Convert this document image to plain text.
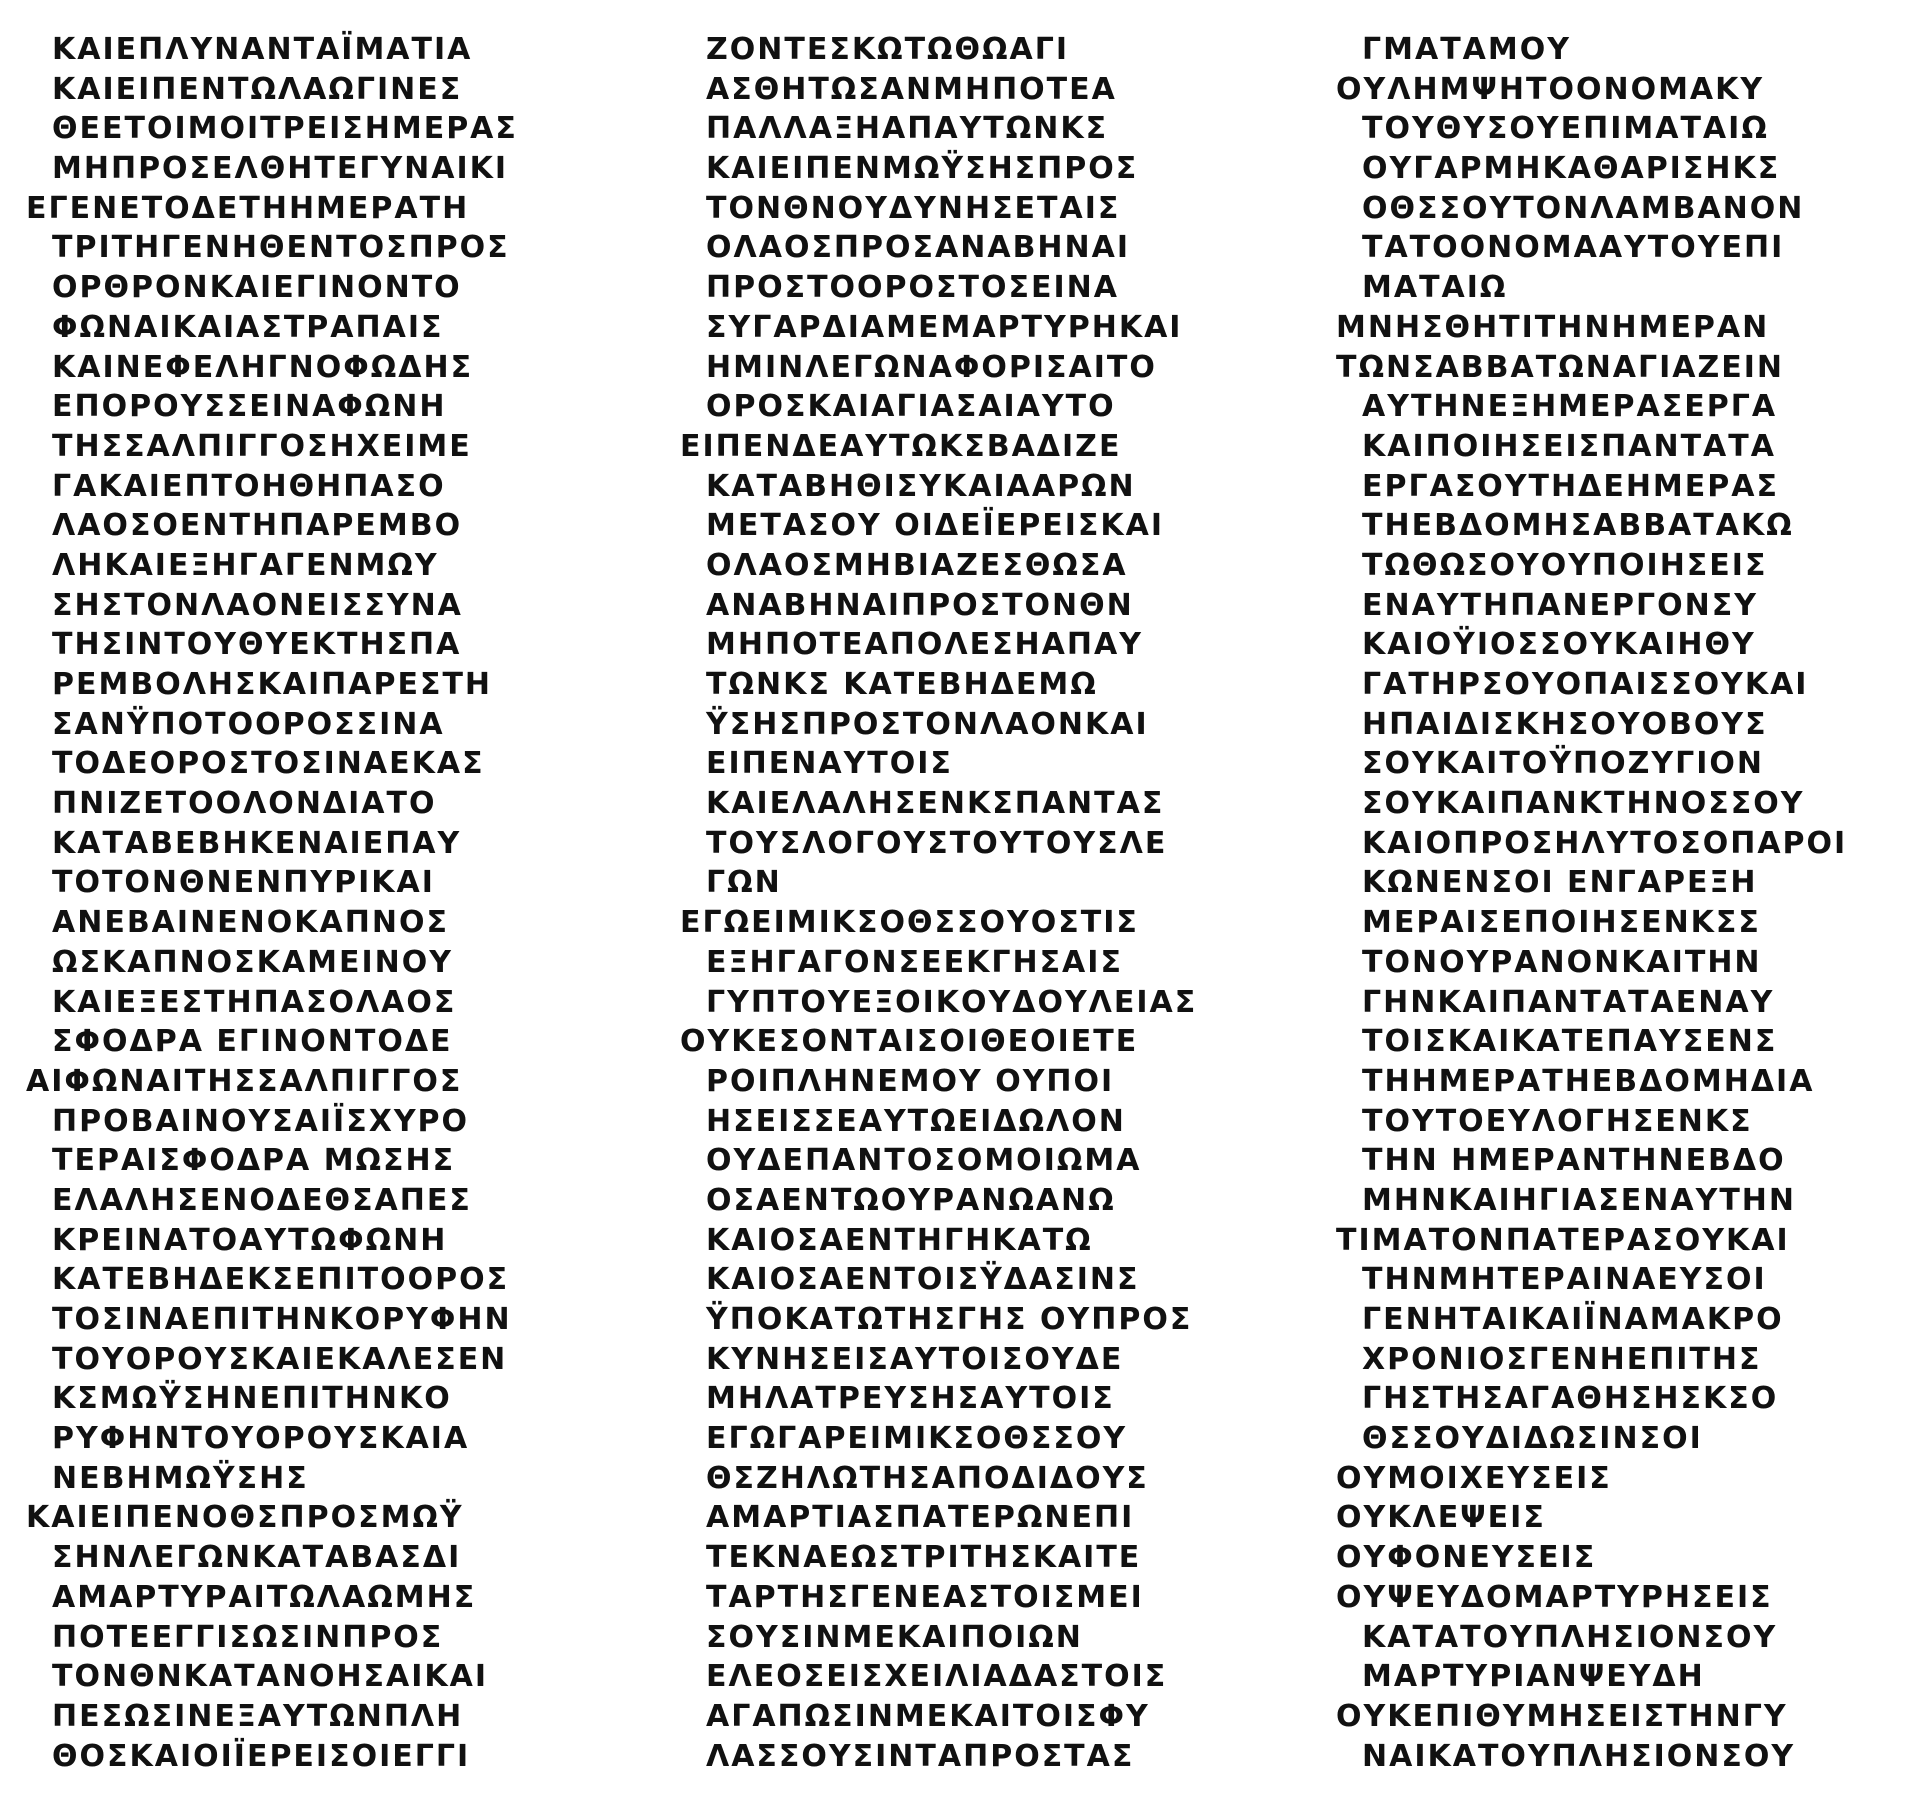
ΚΑΙΕΠΛΥΝΑΝΤΑΪΜΑΤΙΑ
ΚΑΙΕΙΠΕΝΤΩΛΑΩΓΙΝΕΣ
ΘΕΕΤΟΙΜΟΙΤΡΕΙΣΗΜΕΡΑΣ
ΜΗΠΡΟΣΕΛΘΗΤΕΓΥΝΑΙΚΙ
ΕΓΕΝΕΤΟΔΕΤΗΗΜΕΡΑΤΗ
ΤΡΙΤΗΓΕΝΗΘΕΝΤΟΣΠΡΟΣ
ΟΡΘΡΟΝΚΑΙΕΓΙΝΟΝΤΟ
ΦΩΝΑΙΚΑΙΑΣΤΡΑΠΑΙΣ
ΚΑΙΝΕΦΕΛΗΓΝΟΦΩΔΗΣ
ΕΠΟΡΟΥΣΣΕΙΝΑΦΩΝΗ
ΤΗΣΣΑΛΠΙΓΓΟΣΗΧΕΙΜΕ
ΓΑΚΑΙΕΠΤΟΗΘΗΠΑΣΟ
ΛΑΟΣΟΕΝΤΗΠΑΡΕΜΒΟ
ΛΗΚΑΙΕΞΗΓΑΓΕΝΜΩΥ
ΣΗΣΤΟΝΛΑΟΝΕΙΣΣΥΝΑ
ΤΗΣΙΝΤΟΥΘΥΕΚΤΗΣΠΑ
ΡΕΜΒΟΛΗΣΚΑΙΠΑΡΕΣΤΗ
ΣΑΝΫΠΟΤΟΟΡΟΣΣΙΝΑ
ΤΟΔΕΟΡΟΣΤΟΣΙΝΑΕΚΑΣ
ΠΝΙΖΕΤΟΟΛΟΝΔΙΑΤΟ
ΚΑΤΑΒΕΒΗΚΕΝΑΙΕΠΑΥ
ΤΟΤΟΝΘΝΕΝΠΥΡΙΚΑΙ
ΑΝΕΒΑΙΝΕΝΟΚΑΠΝΟΣ
ΩΣΚΑΠΝΟΣΚΑΜΕΙΝΟΥ
ΚΑΙΕΞΕΣΤΗΠΑΣΟΛΑΟΣ
ΣΦΟΔΡΑ ΕΓΙΝΟΝΤΟΔΕ
ΑΙΦΩΝΑΙΤΗΣΣΑΛΠΙΓΓΟΣ
ΠΡΟΒΑΙΝΟΥΣΑΙΪΣΧΥΡΟ
ΤΕΡΑΙΣΦΟΔΡΑ ΜΩΣΗΣ
ΕΛΑΛΗΣΕΝΟΔΕΘΣΑΠΕΣ
ΚΡΕΙΝΑΤΟΑΥΤΩΦΩΝΗ
ΚΑΤΕΒΗΔΕΚΣΕΠΙΤΟΟΡΟΣ
ΤΟΣΙΝΑΕΠΙΤΗΝΚΟΡΥΦΗΝ
ΤΟΥΟΡΟΥΣΚΑΙΕΚΑΛΕΣΕΝ
ΚΣΜΩΫΣΗΝΕΠΙΤΗΝΚΟ
ΡΥΦΗΝΤΟΥΟΡΟΥΣΚΑΙΑ
ΝΕΒΗΜΩΫΣΗΣ
ΚΑΙΕΙΠΕΝΟΘΣΠΡΟΣΜΩΫ
ΣΗΝΛΕΓΩΝΚΑΤΑΒΑΣΔΙ
ΑΜΑΡΤΥΡΑΙΤΩΛΑΩΜΗΣ
ΠΟΤΕΕΓΓΙΣΩΣΙΝΠΡΟΣ
ΤΟΝΘΝΚΑΤΑΝΟΗΣΑΙΚΑΙ
ΠΕΣΩΣΙΝΕΞΑΥΤΩΝΠΛΗ
ΘΟΣΚΑΙΟΙΪΕΡΕΙΣΟΙΕΓΓΙ
ΖΟΝΤΕΣΚΩΤΩΘΩΑΓΙ
ΑΣΘΗΤΩΣΑΝΜΗΠΟΤΕΑ
ΠΑΛΛΑΞΗΑΠΑΥΤΩΝΚΣ
ΚΑΙΕΙΠΕΝΜΩΫΣΗΣΠΡΟΣ
ΤΟΝΘΝΟΥΔΥΝΗΣΕΤΑΙΣ
ΟΛΑΟΣΠΡΟΣΑΝΑΒΗΝΑΙ
ΠΡΟΣΤΟΟΡΟΣΤΟΣΕΙΝΑ
ΣΥΓΑΡΔΙΑΜΕΜΑΡΤΥΡΗΚΑΙ
ΗΜΙΝΛΕΓΩΝΑΦΟΡΙΣΑΙΤΟ
ΟΡΟΣΚΑΙΑΓΙΑΣΑΙΑΥΤΟ
ΕΙΠΕΝΔΕΑΥΤΩΚΣΒΑΔΙΖΕ
ΚΑΤΑΒΗΘΙΣΥΚΑΙΑΑΡΩΝ
ΜΕΤΑΣΟΥ ΟΙΔΕΪΕΡΕΙΣΚΑΙ
ΟΛΑΟΣΜΗΒΙΑΖΕΣΘΩΣΑ
ΑΝΑΒΗΝΑΙΠΡΟΣΤΟΝΘΝ
ΜΗΠΟΤΕΑΠΟΛΕΣΗΑΠΑΥ
ΤΩΝΚΣ ΚΑΤΕΒΗΔΕΜΩ
ΫΣΗΣΠΡΟΣΤΟΝΛΑΟΝΚΑΙ
ΕΙΠΕΝΑΥΤΟΙΣ
ΚΑΙΕΛΑΛΗΣΕΝΚΣΠΑΝΤΑΣ
ΤΟΥΣΛΟΓΟΥΣΤΟΥΤΟΥΣΛΕ
ΓΩΝ
ΕΓΩΕΙΜΙΚΣΟΘΣΣΟΥΟΣΤΙΣ
ΕΞΗΓΑΓΟΝΣΕΕΚΓΗΣΑΙΣ
ΓΥΠΤΟΥΕΞΟΙΚΟΥΔΟΥΛΕΙΑΣ
ΟΥΚΕΣΟΝΤΑΙΣΟΙΘΕΟΙΕΤΕ
ΡΟΙΠΛΗΝΕΜΟΥ ΟΥΠΟΙ
ΗΣΕΙΣΣΕΑΥΤΩΕΙΔΩΛΟΝ
ΟΥΔΕΠΑΝΤΟΣΟΜΟΙΩΜΑ
ΟΣΑΕΝΤΩΟΥΡΑΝΩΑΝΩ
ΚΑΙΟΣΑΕΝΤΗΓΗΚΑΤΩ
ΚΑΙΟΣΑΕΝΤΟΙΣΫΔΑΣΙΝΣ
ΫΠΟΚΑΤΩΤΗΣΓΗΣ ΟΥΠΡΟΣ
ΚΥΝΗΣΕΙΣΑΥΤΟΙΣΟΥΔΕ
ΜΗΛΑΤΡΕΥΣΗΣΑΥΤΟΙΣ
ΕΓΩΓΑΡΕΙΜΙΚΣΟΘΣΣΟΥ
ΘΣΖΗΛΩΤΗΣΑΠΟΔΙΔΟΥΣ
ΑΜΑΡΤΙΑΣΠΑΤΕΡΩΝΕΠΙ
ΤΕΚΝΑΕΩΣΤΡΙΤΗΣΚΑΙΤΕ
ΤΑΡΤΗΣΓΕΝΕΑΣΤΟΙΣΜΕΙ
ΣΟΥΣΙΝΜΕΚΑΙΠΟΙΩΝ
ΕΛΕΟΣΕΙΣΧΕΙΛΙΑΔΑΣΤΟΙΣ
ΑΓΑΠΩΣΙΝΜΕΚΑΙΤΟΙΣΦΥ
ΛΑΣΣΟΥΣΙΝΤΑΠΡΟΣΤΑΣ
ΓΜΑΤΑΜΟΥ
ΟΥΛΗΜΨΗΤΟΟΝΟΜΑΚΥ
ΤΟΥΘΥΣΟΥΕΠΙΜΑΤΑΙΩ
ΟΥΓΑΡΜΗΚΑΘΑΡΙΣΗΚΣ
ΟΘΣΣΟΥΤΟΝΛΑΜΒΑΝΟΝ
ΤΑΤΟΟΝΟΜΑΑΥΤΟΥΕΠΙ
ΜΑΤΑΙΩ
ΜΝΗΣΘΗΤΙΤΗΝΗΜΕΡΑΝ
ΤΩΝΣΑΒΒΑΤΩΝΑΓΙΑΖΕΙΝ
ΑΥΤΗΝΕΞΗΜΕΡΑΣΕΡΓΑ
ΚΑΙΠΟΙΗΣΕΙΣΠΑΝΤΑΤΑ
ΕΡΓΑΣΟΥΤΗΔΕΗΜΕΡΑΣ
ΤΗΕΒΔΟΜΗΣΑΒΒΑΤΑΚΩ
ΤΩΘΩΣΟΥΟΥΠΟΙΗΣΕΙΣ
ΕΝΑΥΤΗΠΑΝΕΡΓΟΝΣΥ
ΚΑΙΟΫΙΟΣΣΟΥΚΑΙΗΘΥ
ΓΑΤΗΡΣΟΥΟΠΑΙΣΣΟΥΚΑΙ
ΗΠΑΙΔΙΣΚΗΣΟΥΟΒΟΥΣ
ΣΟΥΚΑΙΤΟΫΠΟΖΥΓΙΟΝ
ΣΟΥΚΑΙΠΑΝΚΤΗΝΟΣΣΟΥ
ΚΑΙΟΠΡΟΣΗΛΥΤΟΣΟΠΑΡΟΙ
ΚΩΝΕΝΣΟΙ ΕΝΓΑΡΕΞΗ
ΜΕΡΑΙΣΕΠΟΙΗΣΕΝΚΣΣ
ΤΟΝΟΥΡΑΝΟΝΚΑΙΤΗΝ
ΓΗΝΚΑΙΠΑΝΤΑΤΑΕΝΑΥ
ΤΟΙΣΚΑΙΚΑΤΕΠΑΥΣΕΝΣ
ΤΗΗΜΕΡΑΤΗΕΒΔΟΜΗΔΙΑ
ΤΟΥΤΟΕΥΛΟΓΗΣΕΝΚΣ
ΤΗΝ ΗΜΕΡΑΝΤΗΝΕΒΔΟ
ΜΗΝΚΑΙΗΓΙΑΣΕΝΑΥΤΗΝ
ΤΙΜΑΤΟΝΠΑΤΕΡΑΣΟΥΚΑΙ
ΤΗΝΜΗΤΕΡΑΙΝΑΕΥΣΟΙ
ΓΕΝΗΤΑΙΚΑΙΪΝΑΜΑΚΡΟ
ΧΡΟΝΙΟΣΓΕΝΗΕΠΙΤΗΣ
ΓΗΣΤΗΣΑΓΑΘΗΣΗΣΚΣΟ
ΘΣΣΟΥΔΙΔΩΣΙΝΣΟΙ
ΟΥΜΟΙΧΕΥΣΕΙΣ
ΟΥΚΛΕΨΕΙΣ
ΟΥΦΟΝΕΥΣΕΙΣ
ΟΥΨΕΥΔΟΜΑΡΤΥΡΗΣΕΙΣ
ΚΑΤΑΤΟΥΠΛΗΣΙΟΝΣΟΥ
ΜΑΡΤΥΡΙΑΝΨΕΥΔΗ
ΟΥΚΕΠΙΘΥΜΗΣΕΙΣΤΗΝΓΥ
ΝΑΙΚΑΤΟΥΠΛΗΣΙΟΝΣΟΥ
